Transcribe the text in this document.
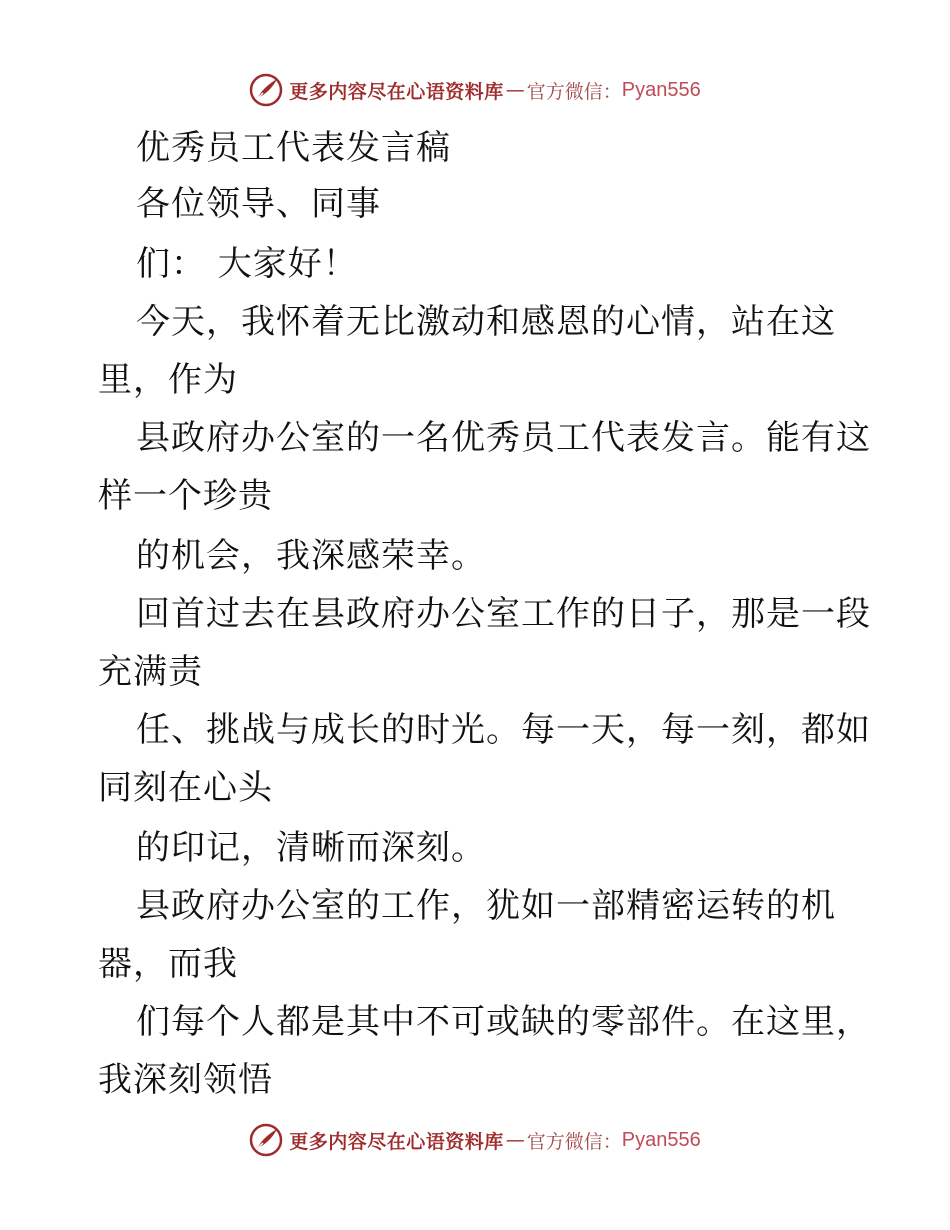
更多内容尽在心语资料库 — 官方微信： Pyan556
优秀员工代表发言稿
各位领导、同事
们： 大家好！
今天，我怀着无比激动和感恩的心情，站在这
里，作为
县政府办公室的一名优秀员工代表发言。能有这
样一个珍贵
的机会，我深感荣幸。
回首过去在县政府办公室工作的日子，那是一段
充满责
任、挑战与成长的时光。每一天，每一刻，都如
同刻在心头
的印记，清晰而深刻。
县政府办公室的工作，犹如一部精密运转的机
器，而我
们每个人都是其中不可或缺的零部件。在这里，
我深刻领悟
更多内容尽在心语资料库 — 官方微信： Pyan556
